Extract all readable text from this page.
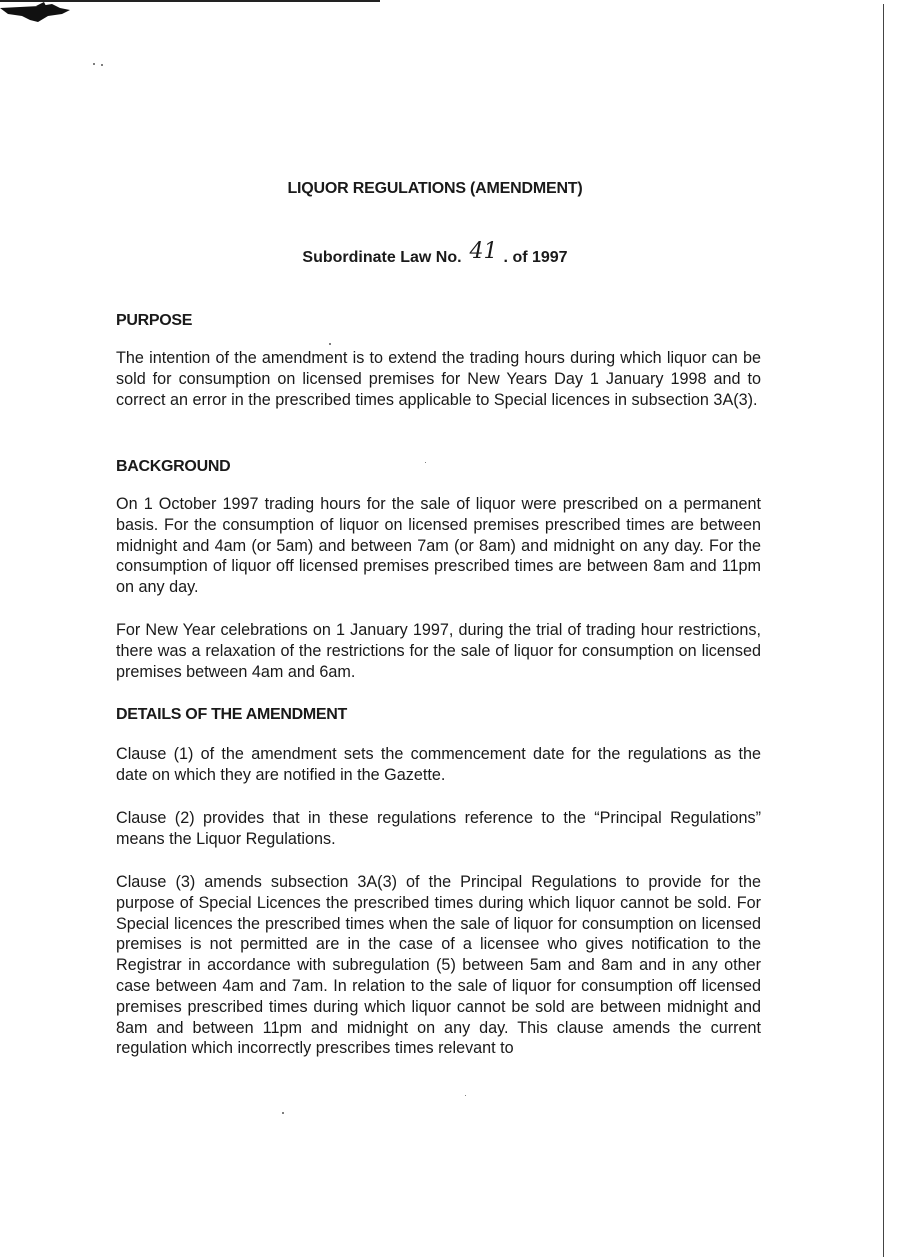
LIQUOR REGULATIONS (AMENDMENT)
Subordinate Law No. 41 . of 1997
PURPOSE

The intention of the amendment is to extend the trading hours during which liquor can be sold for consumption on licensed premises for New Years Day 1 January 1998 and to correct an error in the prescribed times applicable to Special licences in subsection 3A(3).

BACKGROUND

On 1 October 1997 trading hours for the sale of liquor were prescribed on a permanent basis. For the consumption of liquor on licensed premises prescribed times are between midnight and 4am (or 5am) and between 7am (or 8am) and midnight on any day. For the consumption of liquor off licensed premises prescribed times are between 8am and 11pm on any day.

For New Year celebrations on 1 January 1997, during the trial of trading hour restrictions, there was a relaxation of the restrictions for the sale of liquor for consumption on licensed premises between 4am and 6am.

DETAILS OF THE AMENDMENT

Clause (1) of the amendment sets the commencement date for the regulations as the date on which they are notified in the Gazette.

Clause (2) provides that in these regulations reference to the “Principal Regulations” means the Liquor Regulations.

Clause (3) amends subsection 3A(3) of the Principal Regulations to provide for the purpose of Special Licences the prescribed times during which liquor cannot be sold. For Special licences the prescribed times when the sale of liquor for consumption on licensed premises is not permitted are in the case of a licensee who gives notification to the Registrar in accordance with subregulation (5) between 5am and 8am and in any other case between 4am and 7am. In relation to the sale of liquor for consumption off licensed premises prescribed times during which liquor cannot be sold are between midnight and 8am and between 11pm and midnight on any day. This clause amends the current regulation which incorrectly prescribes times relevant to
